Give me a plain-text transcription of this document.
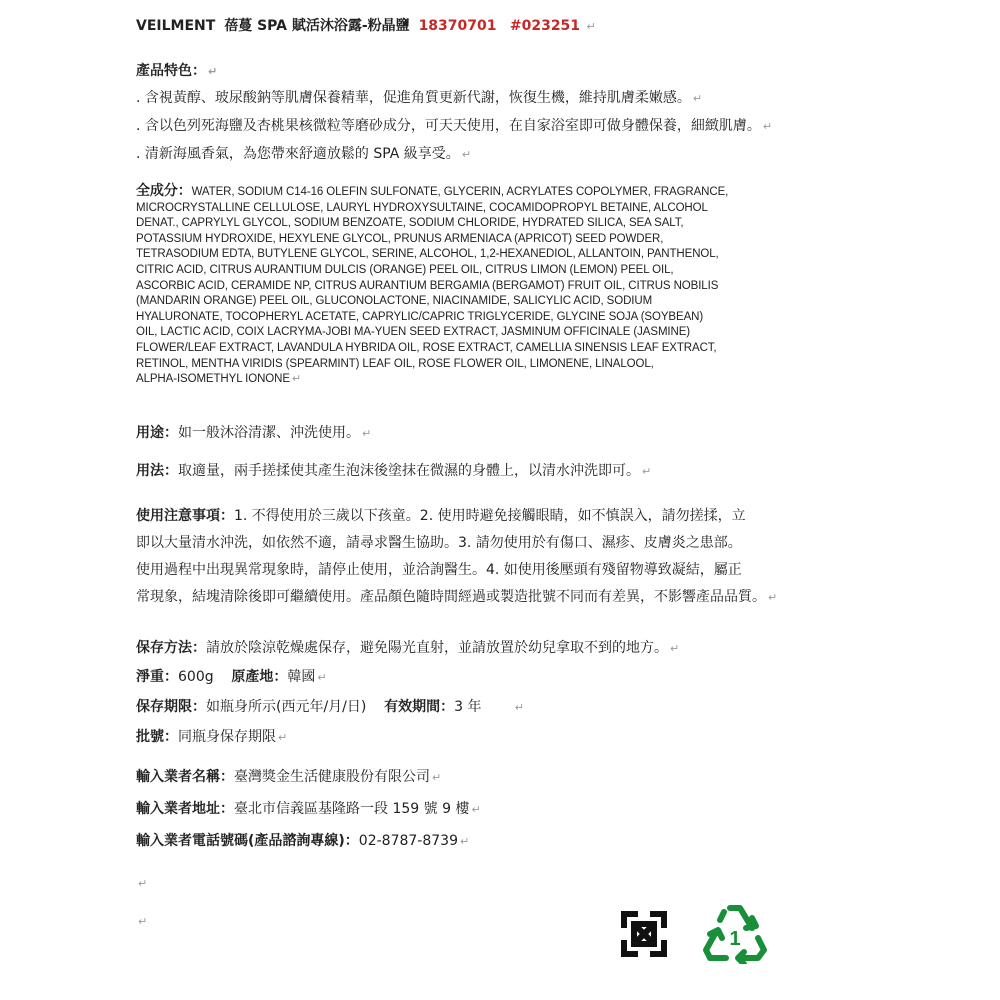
VEILMENT 蓓蔓 SPA 賦活沐浴露-粉晶鹽 18370701 #023251 ↵
產品特色： ↵
. 含視黃醇、玻尿酸鈉等肌膚保養精華，促進角質更新代謝，恢復生機，維持肌膚柔嫩感。 ↵
. 含以色列死海鹽及杏桃果核微粒等磨砂成分，可天天使用，在自家浴室即可做身體保養，細緻肌膚。 ↵
. 清新海風香氣，為您帶來舒適放鬆的 SPA 級享受。 ↵
全成分：WATER, SODIUM C14-16 OLEFIN SULFONATE, GLYCERIN, ACRYLATES COPOLYMER, FRAGRANCE,
MICROCRYSTALLINE CELLULOSE, LAURYL HYDROXYSULTAINE, COCAMIDOPROPYL BETAINE, ALCOHOL
DENAT., CAPRYLYL GLYCOL, SODIUM BENZOATE, SODIUM CHLORIDE, HYDRATED SILICA, SEA SALT,
POTASSIUM HYDROXIDE, HEXYLENE GLYCOL, PRUNUS ARMENIACA (APRICOT) SEED POWDER,
TETRASODIUM EDTA, BUTYLENE GLYCOL, SERINE, ALCOHOL, 1,2-HEXANEDIOL, ALLANTOIN, PANTHENOL,
CITRIC ACID, CITRUS AURANTIUM DULCIS (ORANGE) PEEL OIL, CITRUS LIMON (LEMON) PEEL OIL,
ASCORBIC ACID, CERAMIDE NP, CITRUS AURANTIUM BERGAMIA (BERGAMOT) FRUIT OIL, CITRUS NOBILIS
(MANDARIN ORANGE) PEEL OIL, GLUCONOLACTONE, NIACINAMIDE, SALICYLIC ACID, SODIUM
HYALURONATE, TOCOPHERYL ACETATE, CAPRYLIC/CAPRIC TRIGLYCERIDE, GLYCINE SOJA (SOYBEAN)
OIL, LACTIC ACID, COIX LACRYMA-JOBI MA-YUEN SEED EXTRACT, JASMINUM OFFICINALE (JASMINE)
FLOWER/LEAF EXTRACT, LAVANDULA HYBRIDA OIL, ROSE EXTRACT, CAMELLIA SINENSIS LEAF EXTRACT,
RETINOL, MENTHA VIRIDIS (SPEARMINT) LEAF OIL, ROSE FLOWER OIL, LIMONENE, LINALOOL,
ALPHA-ISOMETHYL IONONE ↵
用途：如一般沐浴清潔、沖洗使用。 ↵
用法：取適量，兩手搓揉使其產生泡沫後塗抹在微濕的身體上，以清水沖洗即可。 ↵
使用注意事項：1. 不得使用於三歲以下孩童。2. 使用時避免接觸眼睛，如不慎誤入，請勿搓揉，立
即以大量清水沖洗，如依然不適，請尋求醫生協助。3. 請勿使用於有傷口、濕疹、皮膚炎之患部。
使用過程中出現異常現象時，請停止使用，並洽詢醫生。4. 如使用後壓頭有殘留物導致凝結，屬正
常現象，結塊清除後即可繼續使用。產品顏色隨時間經過或製造批號不同而有差異，不影響產品品質。 ↵
保存方法：請放於陰涼乾燥處保存，避免陽光直射，並請放置於幼兒拿取不到的地方。 ↵
淨重：600g 原產地：韓國 ↵
保存期限：如瓶身所示(西元年/月/日) 有效期間：3 年	↵
批號：同瓶身保存期限 ↵
輸入業者名稱：臺灣獎金生活健康股份有限公司 ↵
輸入業者地址：臺北市信義區基隆路一段 159 號 9 樓 ↵
輸入業者電話號碼(產品諮詢專線)：02-8787-8739 ↵
↵
↵
1
